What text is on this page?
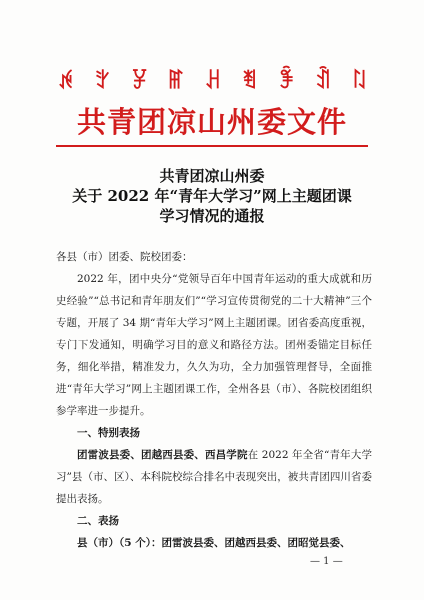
ꉌ ꇬ ꐯ ꂵ ꃅ ꄮ ꊇ ꀉ ꇁ
共青团凉山州委文件
共青团凉山州委
关于 2022 年“青年大学习”网上主题团课
学习情况的通报

各县（市）团委、院校团委：

2022 年，团中央分“党领导百年中国青年运动的重大成就和历史经验”“总书记和青年朋友们”“学习宣传贯彻党的二十大精神”三个专题，开展了 34 期“青年大学习”网上主题团课。团省委高度重视，专门下发通知，明确学习目的意义和路径方法。团州委锚定目标任务，细化举措，精准发力，久久为功，全力加强管理督导，全面推进“青年大学习”网上主题团课工作，全州各县（市）、各院校团组织参学率进一步提升。

一、特别表扬

团雷波县委、团越西县委、西昌学院在 2022 年全省“青年大学习”县（市、区）、本科院校综合排名中表现突出，被共青团四川省委提出表扬。

二、表扬

县（市）（5 个）：团雷波县委、团越西县委、团昭觉县委、

— 1 —
